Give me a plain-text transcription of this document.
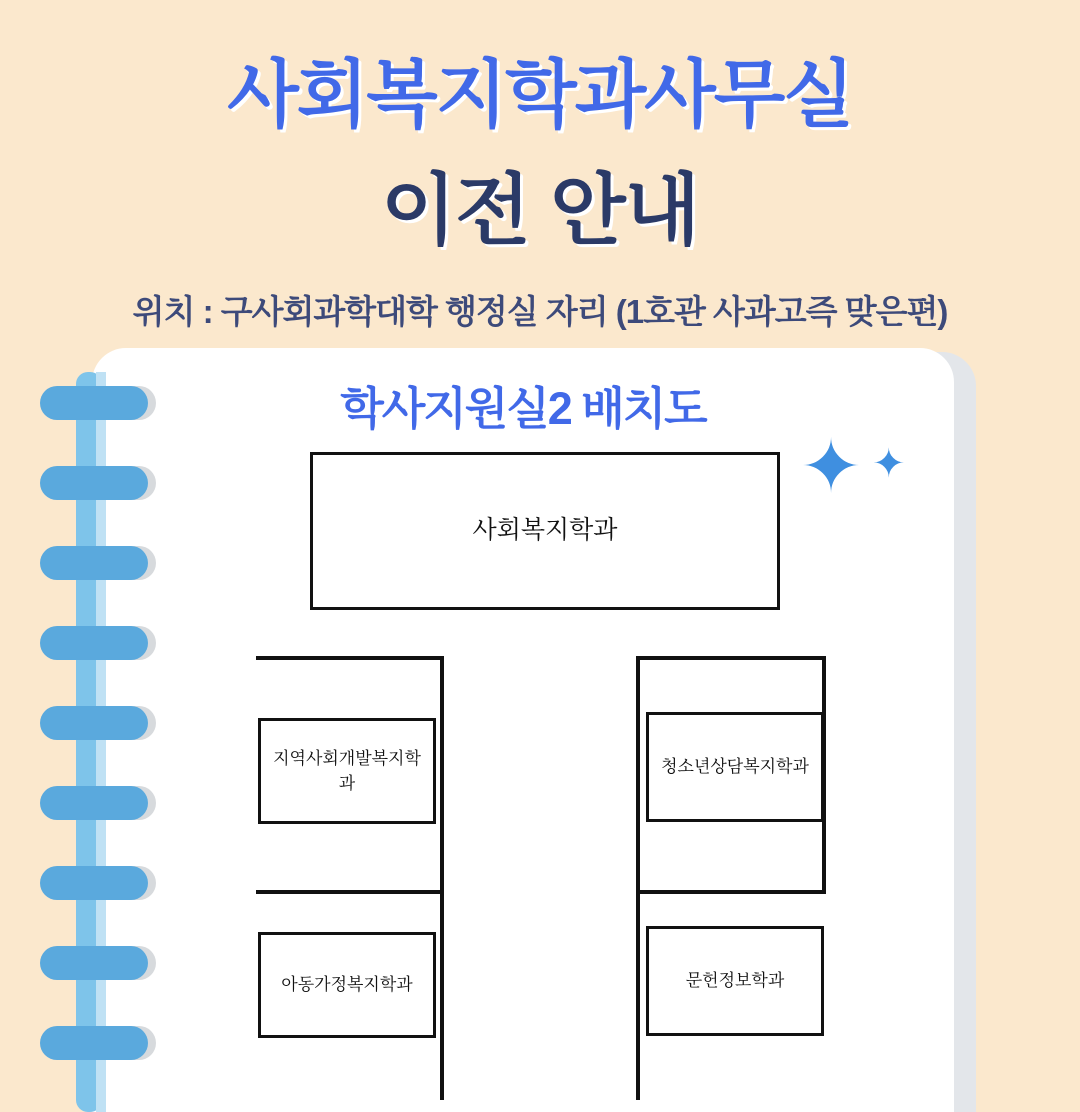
사회복지학과사무실
이전 안내
위치 : 구사회과학대학 행정실 자리 (1호관 사과고즉 맞은편)
학사지원실2 배치도
✦ ✦
사회복지학과
지역사회개발복지학과
아동가정복지학과
청소년상담복지학과
문헌정보학과
